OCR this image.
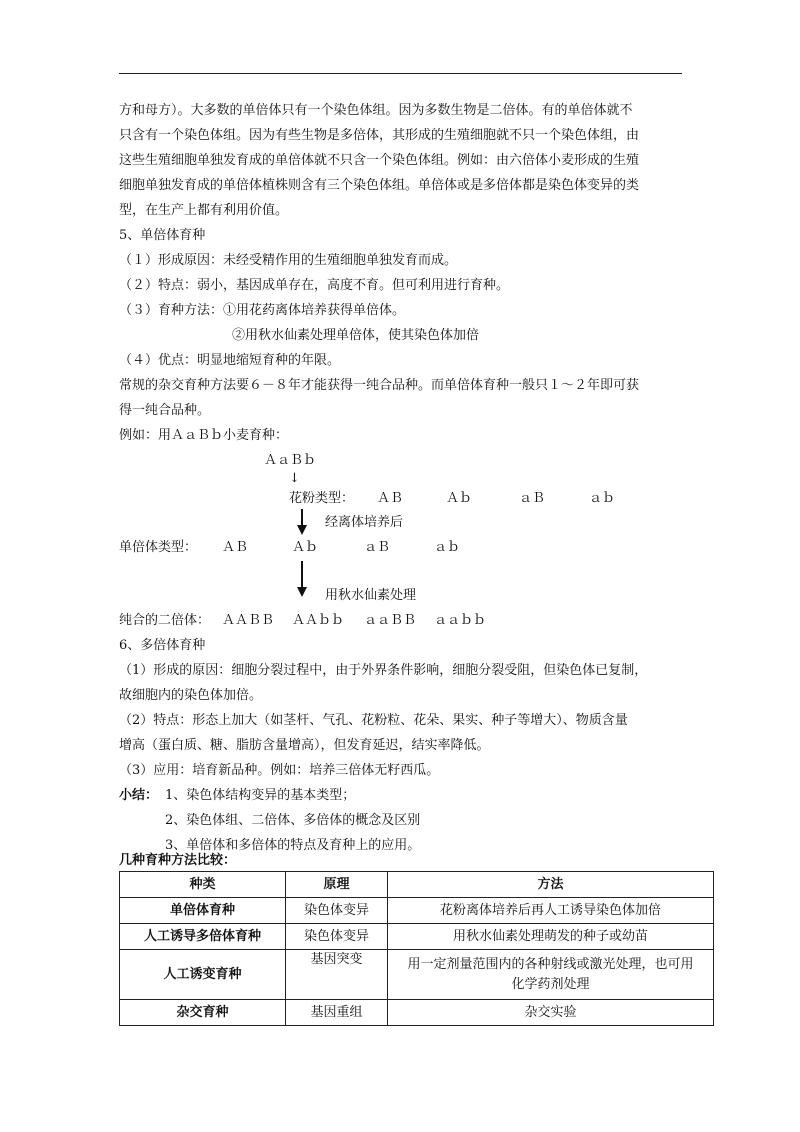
方和母方）。大多数的单倍体只有一个染色体组。因为多数生物是二倍体。有的单倍体就不
只含有一个染色体组。因为有些生物是多倍体，其形成的生殖细胞就不只一个染色体组，由
这些生殖细胞单独发育成的单倍体就不只含一个染色体组。例如：由六倍体小麦形成的生殖
细胞单独发育成的单倍体植株则含有三个染色体组。单倍体或是多倍体都是染色体变异的类
型，在生产上都有利用价值。
5、单倍体育种
（１）形成原因：未经受精作用的生殖细胞单独发育而成。
（２）特点：弱小，基因成单存在，高度不育。但可利用进行育种。
（３）育种方法：①用花药离体培养获得单倍体。
②用秋水仙素处理单倍体，使其染色体加倍
（４）优点：明显地缩短育种的年限。
常规的杂交育种方法要６－８年才能获得一纯合品种。而单倍体育种一般只１～２年即可获
得一纯合品种。
例如：用ＡａＢｂ小麦育种：
ＡａＢｂ
↓
花粉类型： ＡＢ	Ａｂ	ａＢ	ａｂ
经离体培养后
单倍体类型： ＡＢ	Ａｂ	ａＢ	ａｂ
用秋水仙素处理
纯合的二倍体： ＡＡＢＢ ＡＡｂｂ ａａＢＢ ａａｂｂ
6、多倍体育种
（1）形成的原因：细胞分裂过程中，由于外界条件影响，细胞分裂受阻，但染色体已复制，
故细胞内的染色体加倍。
（2）特点：形态上加大（如茎杆、气孔、花粉粒、花朵、果实、种子等增大）、物质含量
增高（蛋白质、糖、脂肪含量增高），但发育延迟，结实率降低。
（3）应用：培育新品种。例如：培养三倍体无籽西瓜。
小结： 1、染色体结构变异的基本类型；
2、染色体组、二倍体、多倍体的概念及区别
3、单倍体和多倍体的特点及育种上的应用。
几种育种方法比较：
种类	原理	方法
单倍体育种	染色体变异	花粉离体培养后再人工诱导染色体加倍
人工诱导多倍体育种	染色体变异	用秋水仙素处理萌发的种子或幼苗
人工诱变育种	基因突变	用一定剂量范围内的各种射线或激光处理，也可用
化学药剂处理

杂交育种	基因重组	杂交实验
